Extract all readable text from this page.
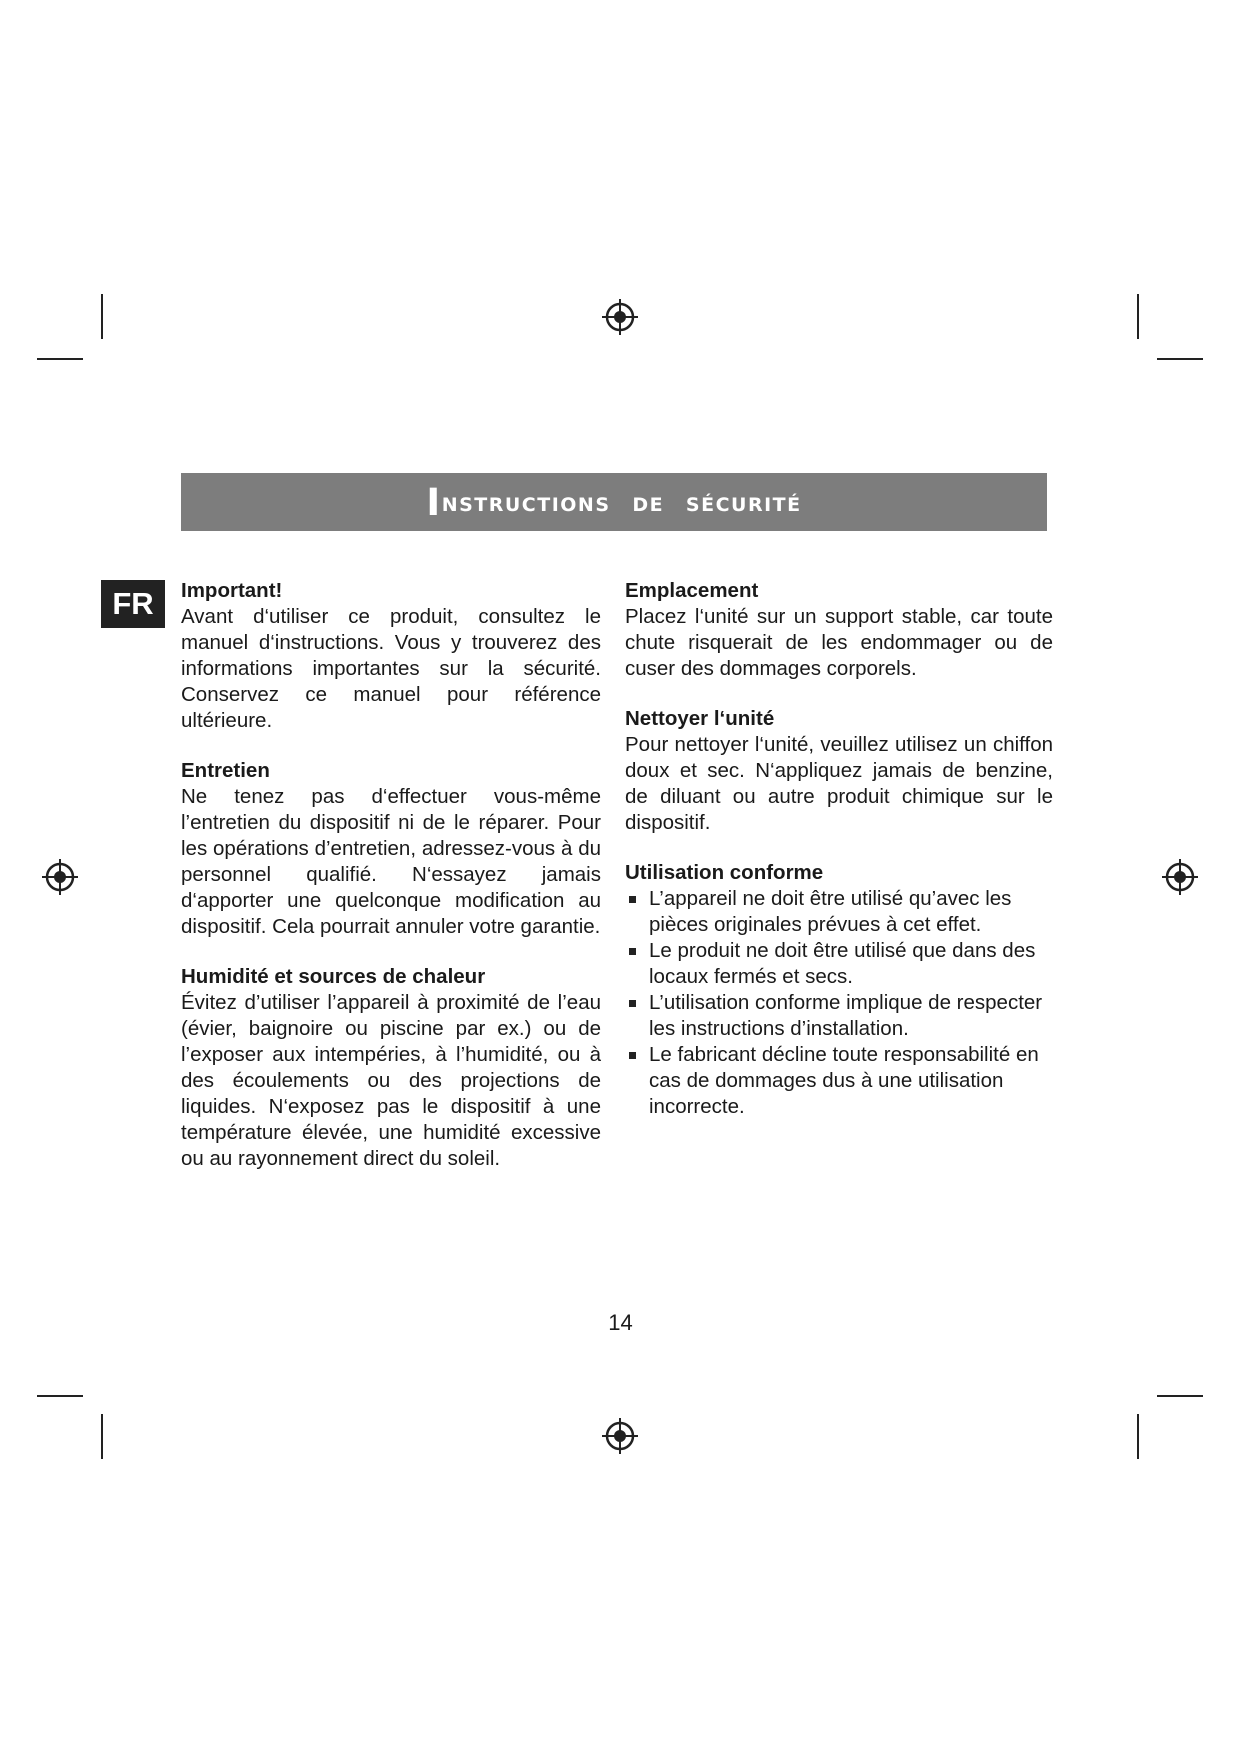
I nstructions de sécurité
FR	Important!

Avant d‘utiliser ce produit, consultez le manuel d‘instructions. Vous y trouverez des informations importantes sur la sécurité. Conservez ce manuel pour référence ultérieure.

Entretien

Ne tenez pas d‘effectuer vous-même l’entretien du dispositif ni de le réparer. Pour les opérations d’entretien, adressez-vous à du personnel qualifié. N‘essayez jamais d‘apporter une quelconque modification au dispositif. Cela pourrait annuler votre garantie.

Humidité et sources de chaleur

Évitez d’utiliser l’appareil à proximité de l’eau (évier, baignoire ou piscine par ex.) ou de l’exposer aux intempéries, à l’humidité, ou à des écoulements ou des projections de liquides. N‘exposez pas le dispositif à une température élevée, une humidité excessive ou au rayonnement direct du soleil.

Emplacement

Placez l‘unité sur un support stable, car toute chute risquerait de les endommager ou de cuser des dommages corporels.

Nettoyer l‘unité

Pour nettoyer l‘unité, veuillez utilisez un chiffon doux et sec. N‘appliquez jamais de benzine, de diluant ou autre produit chimique sur le dispositif.

Utilisation conforme
L’appareil ne doit être utilisé qu’avec les pièces originales prévues à cet effet.
Le produit ne doit être utilisé que dans des locaux fermés et secs.
L’utilisation conforme implique de respecter les instructions d’installation.
Le fabricant décline toute responsabilité en cas de dommages dus à une utilisation incorrecte.
14
